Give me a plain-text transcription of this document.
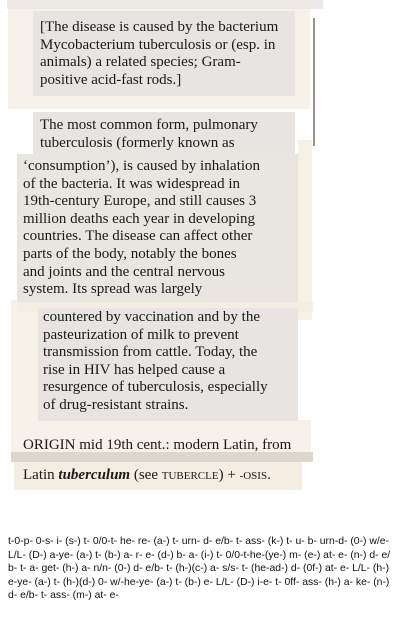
[The disease is caused by the bacterium
Mycobacterium tuberculosis or (esp. in
animals) a related species; Gram-
positive acid-fast rods.]
The most common form, pulmonary
tuberculosis (formerly known as
‘consumption’), is caused by inhalation
of the bacteria. It was widespread in
19th-century Europe, and still causes 3
million deaths each year in developing
countries. The disease can affect other
parts of the body, notably the bones
and joints and the central nervous
system. Its spread was largely
countered by vaccination and by the
pasteurization of milk to prevent
transmission from cattle. Today, the
rise in HIV has helped cause a
resurgence of tuberculosis, especially
of drug-resistant strains.
ORIGIN mid 19th cent.: modern Latin, from
Latin tuberculum (see TUBERCLE) + -OSIS.
t-0-p- 0-s- i- (s-) t- 0/0-t- he- re- (a-) t- urn- d- e/b- t- ass- (k-) t- u- b- urn-d- (0-) w/e- L/L- (D-) a-ye- (a-) t- (b-) a- r- e- (d-) b- a- (i-) t- 0/0-t-he-(ye-) m- (e-) at- e- (n-) d- e/b- t- a- get- (h-) a- n/n- (0-) d- e/b- t- (h-)(c-) a- s/s- t- (he-ad-) d- (0f-) at- e- L/L- (h-) e-ye- (a-) t- (h-)(d-) 0- w/-he-ye- (a-) t- (b-) e- L/L- (D-) i-e- t- 0ff- ass- (h-) a- ke- (n-) d- e/b- t- ass- (m-) at- e-
